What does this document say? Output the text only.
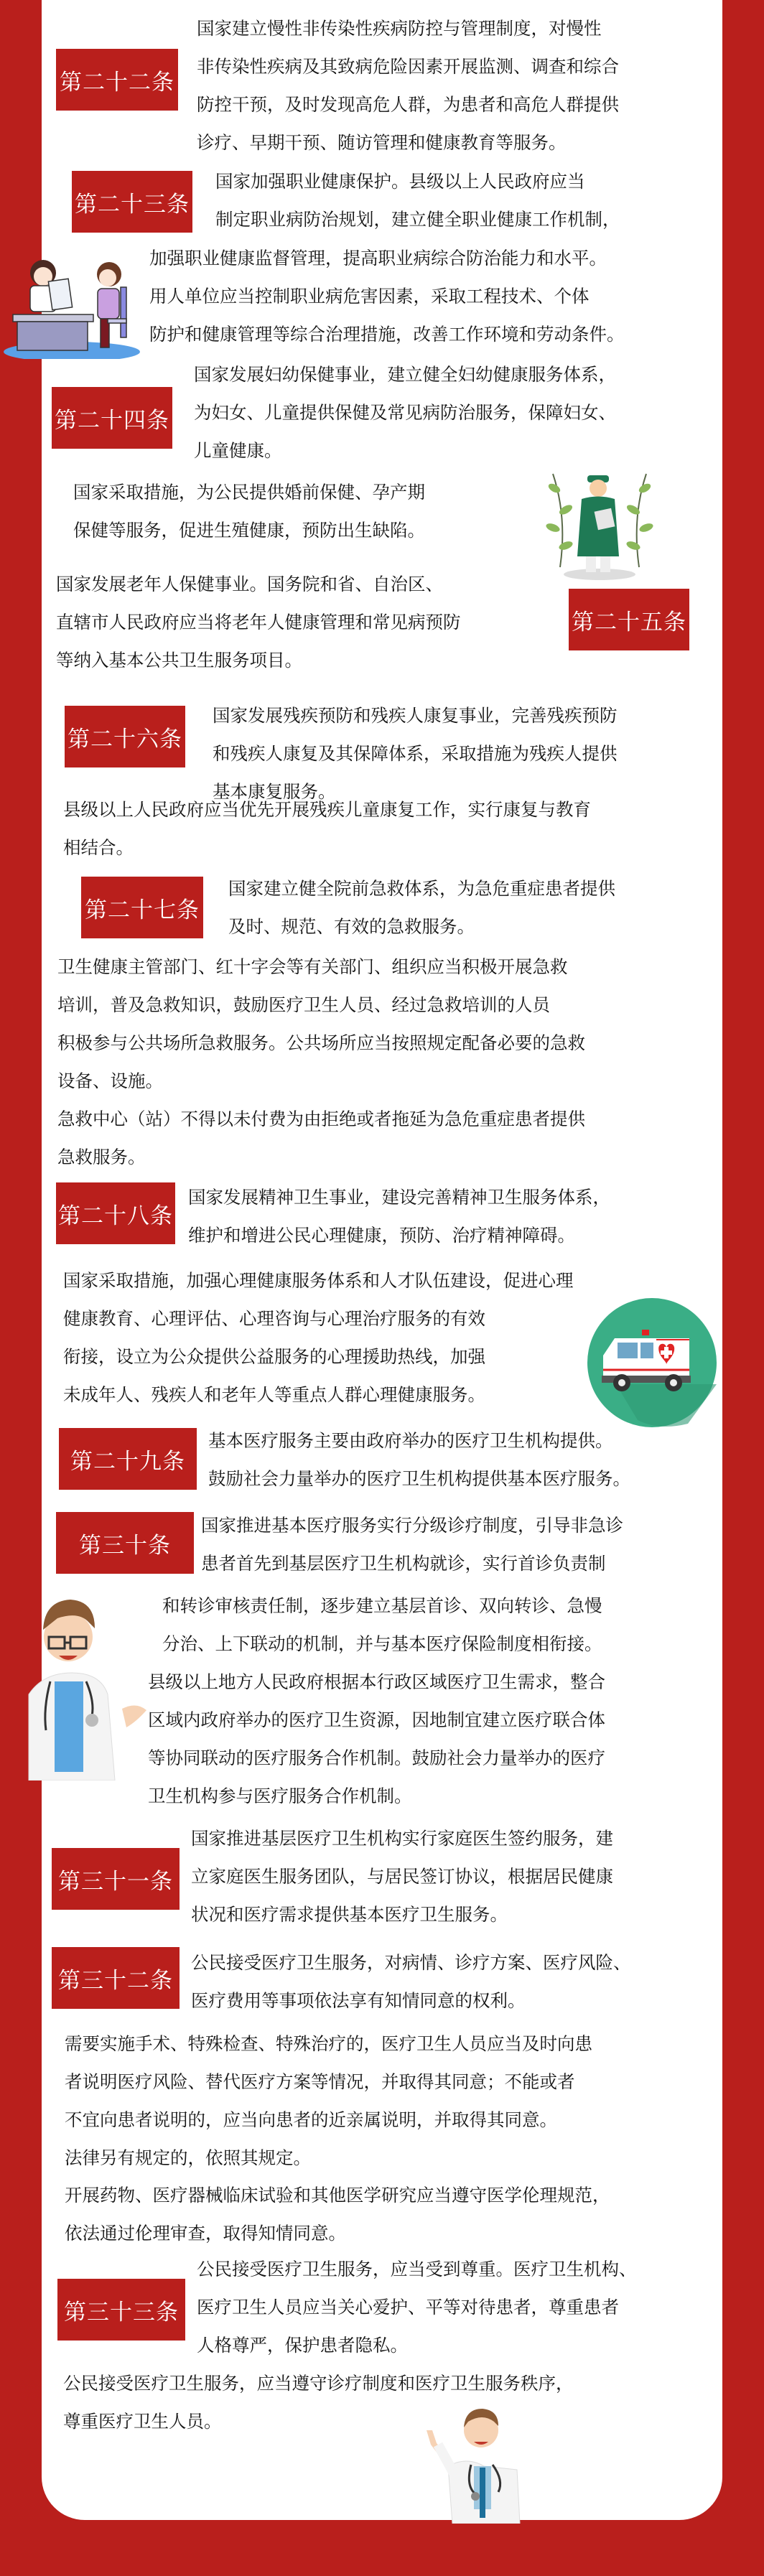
第二十二条
国家建立慢性非传染性疾病防控与管理制度，对慢性
非传染性疾病及其致病危险因素开展监测、调查和综合
防控干预，及时发现高危人群，为患者和高危人群提供
诊疗、早期干预、随访管理和健康教育等服务。
第二十三条
国家加强职业健康保护。县级以上人民政府应当
制定职业病防治规划，建立健全职业健康工作机制，
加强职业健康监督管理，提高职业病综合防治能力和水平。
用人单位应当控制职业病危害因素，采取工程技术、个体
防护和健康管理等综合治理措施，改善工作环境和劳动条件。
第二十四条
国家发展妇幼保健事业，建立健全妇幼健康服务体系，
为妇女、儿童提供保健及常见病防治服务，保障妇女、
儿童健康。
国家采取措施，为公民提供婚前保健、孕产期
保健等服务，促进生殖健康，预防出生缺陷。
第二十五条
国家发展老年人保健事业。国务院和省、自治区、
直辖市人民政府应当将老年人健康管理和常见病预防
等纳入基本公共卫生服务项目。
第二十六条
国家发展残疾预防和残疾人康复事业，完善残疾预防
和残疾人康复及其保障体系，采取措施为残疾人提供
基本康复服务。
县级以上人民政府应当优先开展残疾儿童康复工作，实行康复与教育
相结合。
第二十七条
国家建立健全院前急救体系，为急危重症患者提供
及时、规范、有效的急救服务。
卫生健康主管部门、红十字会等有关部门、组织应当积极开展急救
培训，普及急救知识，鼓励医疗卫生人员、经过急救培训的人员
积极参与公共场所急救服务。公共场所应当按照规定配备必要的急救
设备、设施。
急救中心（站）不得以未付费为由拒绝或者拖延为急危重症患者提供
急救服务。
第二十八条
国家发展精神卫生事业，建设完善精神卫生服务体系，
维护和增进公民心理健康，预防、治疗精神障碍。
国家采取措施，加强心理健康服务体系和人才队伍建设，促进心理
健康教育、心理评估、心理咨询与心理治疗服务的有效
衔接，设立为公众提供公益服务的心理援助热线，加强
未成年人、残疾人和老年人等重点人群心理健康服务。
第二十九条
基本医疗服务主要由政府举办的医疗卫生机构提供。
鼓励社会力量举办的医疗卫生机构提供基本医疗服务。
第三十条
国家推进基本医疗服务实行分级诊疗制度，引导非急诊
患者首先到基层医疗卫生机构就诊，实行首诊负责制
和转诊审核责任制，逐步建立基层首诊、双向转诊、急慢
分治、上下联动的机制，并与基本医疗保险制度相衔接。
县级以上地方人民政府根据本行政区域医疗卫生需求，整合
区域内政府举办的医疗卫生资源，因地制宜建立医疗联合体
等协同联动的医疗服务合作机制。鼓励社会力量举办的医疗
卫生机构参与医疗服务合作机制。
第三十一条
国家推进基层医疗卫生机构实行家庭医生签约服务，建
立家庭医生服务团队，与居民签订协议，根据居民健康
状况和医疗需求提供基本医疗卫生服务。
第三十二条
公民接受医疗卫生服务，对病情、诊疗方案、医疗风险、
医疗费用等事项依法享有知情同意的权利。
需要实施手术、特殊检查、特殊治疗的，医疗卫生人员应当及时向患
者说明医疗风险、替代医疗方案等情况，并取得其同意；不能或者
不宜向患者说明的，应当向患者的近亲属说明，并取得其同意。
法律另有规定的，依照其规定。
开展药物、医疗器械临床试验和其他医学研究应当遵守医学伦理规范，
依法通过伦理审查，取得知情同意。
第三十三条
公民接受医疗卫生服务，应当受到尊重。医疗卫生机构、
医疗卫生人员应当关心爱护、平等对待患者，尊重患者
人格尊严，保护患者隐私。
公民接受医疗卫生服务，应当遵守诊疗制度和医疗卫生服务秩序，
尊重医疗卫生人员。
